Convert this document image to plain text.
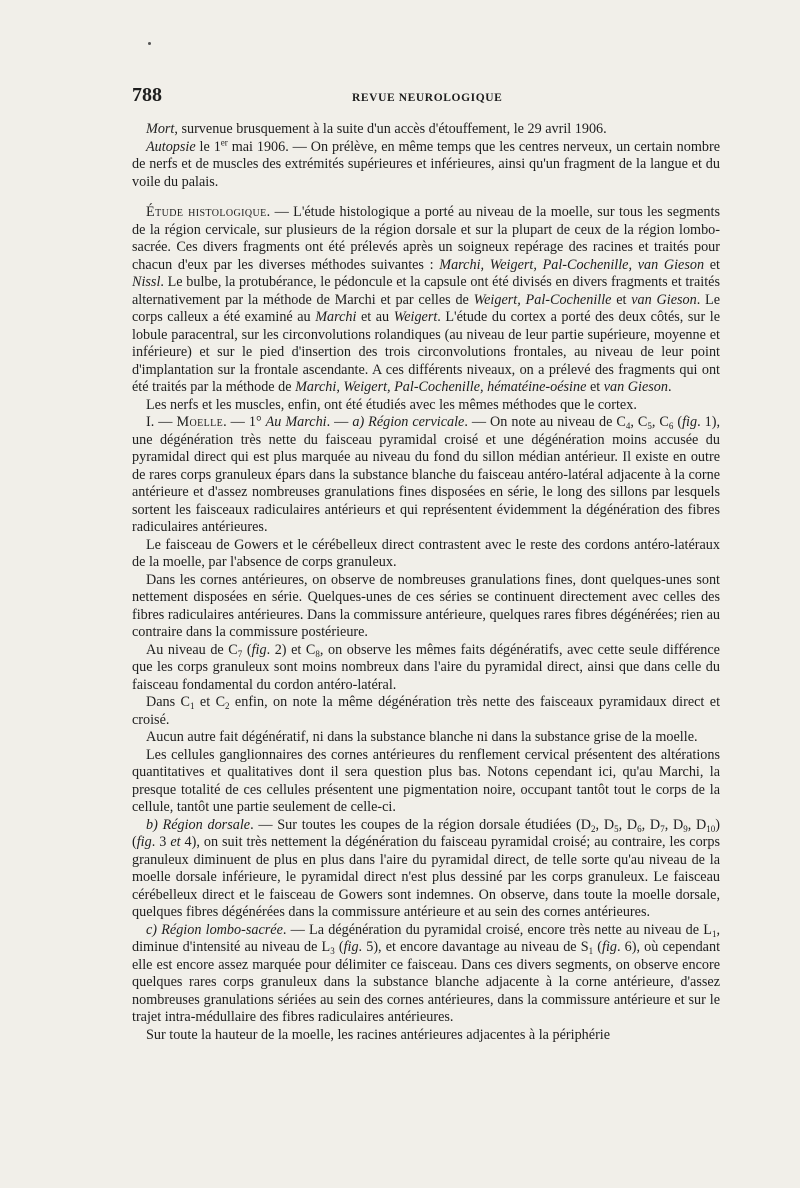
788	REVUE NEUROLOGIQUE

Mort, survenue brusquement à la suite d'un accès d'étouffement, le 29 avril 1906.

Autopsie le 1er mai 1906. — On prélève, en même temps que les centres nerveux, un certain nombre de nerfs et de muscles des extrémités supérieures et inférieures, ainsi qu'un fragment de la langue et du voile du palais.

Étude histologique. — L'étude histologique a porté au niveau de la moelle, sur tous les segments de la région cervicale, sur plusieurs de la région dorsale et sur la plupart de ceux de la région lombo-sacrée. Ces divers fragments ont été prélevés après un soigneux repérage des racines et traités pour chacun d'eux par les diverses méthodes suivantes : Marchi, Weigert, Pal-Cochenille, van Gieson et Nissl. Le bulbe, la protubérance, le pédoncule et la capsule ont été divisés en divers fragments et traités alternativement par la méthode de Marchi et par celles de Weigert, Pal-Cochenille et van Gieson. Le corps calleux a été examiné au Marchi et au Weigert. L'étude du cortex a porté des deux côtés, sur le lobule paracentral, sur les circonvolutions rolandiques (au niveau de leur partie supérieure, moyenne et inférieure) et sur le pied d'insertion des trois circonvolutions frontales, au niveau de leur point d'implantation sur la frontale ascendante. A ces différents niveaux, on a prélevé des fragments qui ont été traités par la méthode de Marchi, Weigert, Pal-Cochenille, hématéine-oésine et van Gieson.

Les nerfs et les muscles, enfin, ont été étudiés avec les mêmes méthodes que le cortex.

I. — Moelle. — 1° Au Marchi. — a) Région cervicale. — On note au niveau de $C_4$, $C_5$, $C_6$ (fig. 1), une dégénération très nette du faisceau pyramidal croisé et une dégénération moins accusée du pyramidal direct qui est plus marquée au niveau du fond du sillon médian antérieur. Il existe en outre de rares corps granuleux épars dans la substance blanche du faisceau antéro-latéral adjacente à la corne antérieure et d'assez nombreuses granulations fines disposées en série, le long des sillons par lesquels sortent les faisceaux radiculaires antérieurs et qui représentent évidemment la dégénération des fibres radiculaires antérieures.

Le faisceau de Gowers et le cérébelleux direct contrastent avec le reste des cordons antéro-latéraux de la moelle, par l'absence de corps granuleux.

Dans les cornes antérieures, on observe de nombreuses granulations fines, dont quelques-unes sont nettement disposées en série. Quelques-unes de ces séries se continuent directement avec celles des fibres radiculaires antérieures. Dans la commissure antérieure, quelques rares fibres dégénérées; rien au contraire dans la commissure postérieure.

Au niveau de $C_7$ (fig. 2) et $C_8$, on observe les mêmes faits dégénératifs, avec cette seule différence que les corps granuleux sont moins nombreux dans l'aire du pyramidal direct, ainsi que dans celle du faisceau fondamental du cordon antéro-latéral.

Dans $C_1$ et $C_2$ enfin, on note la même dégénération très nette des faisceaux pyramidaux direct et croisé.

Aucun autre fait dégénératif, ni dans la substance blanche ni dans la substance grise de la moelle.

Les cellules ganglionnaires des cornes antérieures du renflement cervical présentent des altérations quantitatives et qualitatives dont il sera question plus bas. Notons cependant ici, qu'au Marchi, la presque totalité de ces cellules présentent une pigmentation noire, occupant tantôt tout le corps de la cellule, tantôt une partie seulement de celle-ci.

b) Région dorsale. — Sur toutes les coupes de la région dorsale étudiées ($D_2$, $D_5$, $D_6$, $D_7$, $D_9$, $D_{10}$) (fig. 3 et 4), on suit très nettement la dégénération du faisceau pyramidal croisé; au contraire, les corps granuleux diminuent de plus en plus dans l'aire du pyramidal direct, de telle sorte qu'au niveau de la moelle dorsale inférieure, le pyramidal direct n'est plus dessiné par les corps granuleux. Le faisceau cérébelleux direct et le faisceau de Gowers sont indemnes. On observe, dans toute la moelle dorsale, quelques fibres dégénérées dans la commissure antérieure et au sein des cornes antérieures.

c) Région lombo-sacrée. — La dégénération du pyramidal croisé, encore très nette au niveau de $L_1$, diminue d'intensité au niveau de $L_3$ (fig. 5), et encore davantage au niveau de $S_1$ (fig. 6), où cependant elle est encore assez marquée pour délimiter ce faisceau. Dans ces divers segments, on observe encore quelques rares corps granuleux dans la substance blanche adjacente à la corne antérieure, d'assez nombreuses granulations sériées au sein des cornes antérieures, dans la commissure antérieure et sur le trajet intra-médullaire des fibres radiculaires antérieures.

Sur toute la hauteur de la moelle, les racines antérieures adjacentes à la périphérie
